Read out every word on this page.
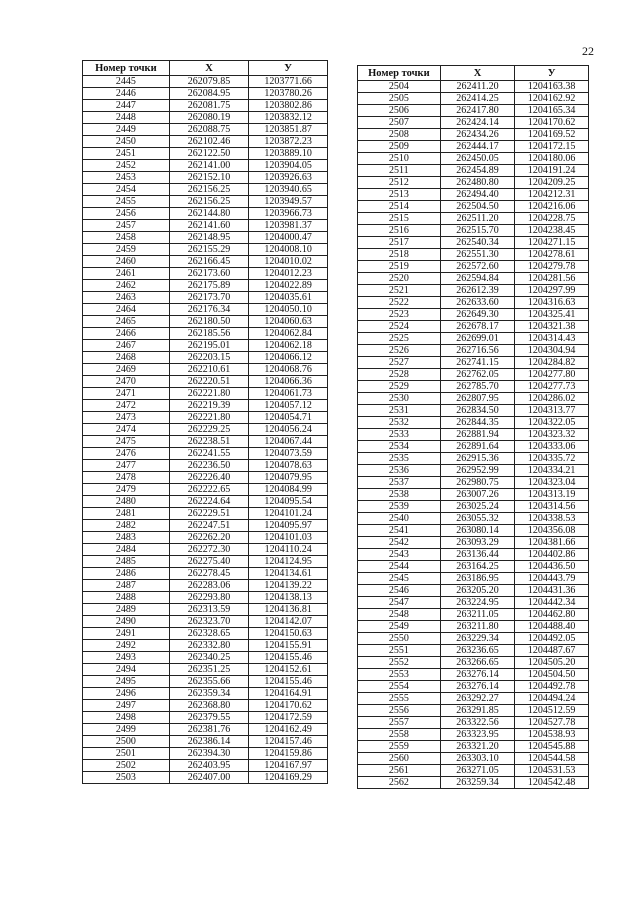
22
Номер точки	X	У
2445	262079.85	1203771.66
2446	262084.95	1203780.26
2447	262081.75	1203802.86
2448	262080.19	1203832.12
2449	262088.75	1203851.87
2450	262102.46	1203872.23
2451	262122.50	1203889.10
2452	262141.00	1203904.05
2453	262152.10	1203926.63
2454	262156.25	1203940.65
2455	262156.25	1203949.57
2456	262144.80	1203966.73
2457	262141.60	1203981.37
2458	262148.95	1204000.47
2459	262155.29	1204008.10
2460	262166.45	1204010.02
2461	262173.60	1204012.23
2462	262175.89	1204022.89
2463	262173.70	1204035.61
2464	262176.34	1204050.10
2465	262180.50	1204060.63
2466	262185.56	1204062.84
2467	262195.01	1204062.18
2468	262203.15	1204066.12
2469	262210.61	1204068.76
2470	262220.51	1204066.36
2471	262221.80	1204061.73
2472	262219.39	1204057.12
2473	262221.80	1204054.71
2474	262229.25	1204056.24
2475	262238.51	1204067.44
2476	262241.55	1204073.59
2477	262236.50	1204078.63
2478	262226.40	1204079.95
2479	262222.65	1204084.99
2480	262224.64	1204095.54
2481	262229.51	1204101.24
2482	262247.51	1204095.97
2483	262262.20	1204101.03
2484	262272.30	1204110.24
2485	262275.40	1204124.95
2486	262278.45	1204134.61
2487	262283.06	1204139.22
2488	262293.80	1204138.13
2489	262313.59	1204136.81
2490	262323.70	1204142.07
2491	262328.65	1204150.63
2492	262332.80	1204155.91
2493	262340.25	1204155.46
2494	262351.25	1204152.61
2495	262355.66	1204155.46
2496	262359.34	1204164.91
2497	262368.80	1204170.62
2498	262379.55	1204172.59
2499	262381.76	1204162.49
2500	262386.14	1204157.46
2501	262394.30	1204159.86
2502	262403.95	1204167.97
2503	262407.00	1204169.29
Номер точки	X	У
2504	262411.20	1204163.38
2505	262414.25	1204162.92
2506	262417.80	1204165.34
2507	262424.14	1204170.62
2508	262434.26	1204169.52
2509	262444.17	1204172.15
2510	262450.05	1204180.06
2511	262454.89	1204191.24
2512	262480.80	1204209.25
2513	262494.40	1204212.31
2514	262504.50	1204216.06
2515	262511.20	1204228.75
2516	262515.70	1204238.45
2517	262540.34	1204271.15
2518	262551.30	1204278.61
2519	262572.60	1204279.78
2520	262594.84	1204281.56
2521	262612.39	1204297.99
2522	262633.60	1204316.63
2523	262649.30	1204325.41
2524	262678.17	1204321.38
2525	262699.01	1204314.43
2526	262716.56	1204304.94
2527	262741.15	1204284.82
2528	262762.05	1204277.80
2529	262785.70	1204277.73
2530	262807.95	1204286.02
2531	262834.50	1204313.77
2532	262844.35	1204322.05
2533	262881.94	1204323.32
2534	262891.64	1204333.06
2535	262915.36	1204335.72
2536	262952.99	1204334.21
2537	262980.75	1204323.04
2538	263007.26	1204313.19
2539	263025.24	1204314.56
2540	263055.32	1204338.53
2541	263080.14	1204356.08
2542	263093.29	1204381.66
2543	263136.44	1204402.86
2544	263164.25	1204436.50
2545	263186.95	1204443.79
2546	263205.20	1204431.36
2547	263224.95	1204442.34
2548	263211.05	1204462.80
2549	263211.80	1204488.40
2550	263229.34	1204492.05
2551	263236.65	1204487.67
2552	263266.65	1204505.20
2553	263276.14	1204504.50
2554	263276.14	1204492.78
2555	263292.27	1204494.24
2556	263291.85	1204512.59
2557	263322.56	1204527.78
2558	263323.95	1204538.93
2559	263321.20	1204545.88
2560	263303.10	1204544.58
2561	263271.05	1204531.53
2562	263259.34	1204542.48
